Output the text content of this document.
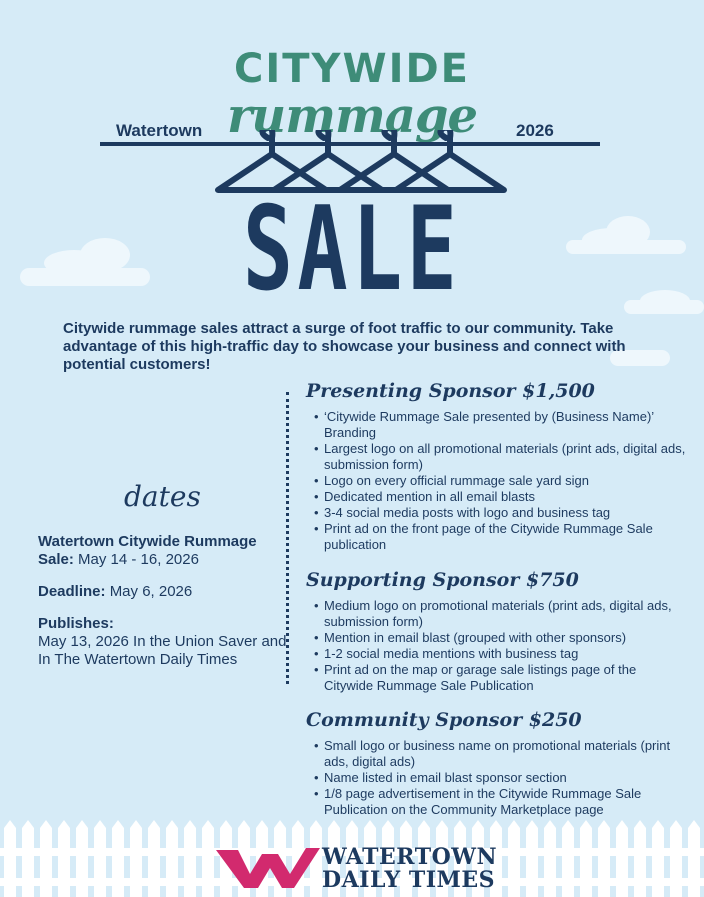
CITYWIDE
rummage
Watertown	2026
SALE
Citywide rummage sales attract a surge of foot traffic to our community. Take advantage of this high-traffic day to showcase your business and connect with potential customers!
dates

Watertown Citywide Rummage Sale: May 14 - 16, 2026

Deadline: May 6, 2026

Publishes:
May 13, 2026 In the Union Saver and In The Watertown Daily Times

Presenting Sponsor $1,500
• ‘Citywide Rummage Sale presented by (Business Name)’ Branding
• Largest logo on all promotional materials (print ads, digital ads, submission form)
• Logo on every official rummage sale yard sign
• Dedicated mention in all email blasts
• 3-4 social media posts with logo and business tag
• Print ad on the front page of the Citywide Rummage Sale publication
Supporting Sponsor $750
• Medium logo on promotional materials (print ads, digital ads, submission form)
• Mention in email blast (grouped with other sponsors)
• 1-2 social media mentions with business tag
• Print ad on the map or garage sale listings page of the Citywide Rummage Sale Publication
Community Sponsor $250
• Small logo or business name on promotional materials (print ads, digital ads)
• Name listed in email blast sponsor section
• 1/8 page advertisement in the Citywide Rummage Sale Publication on the Community Marketplace page
WATERTOWN
DAILY TIMES
